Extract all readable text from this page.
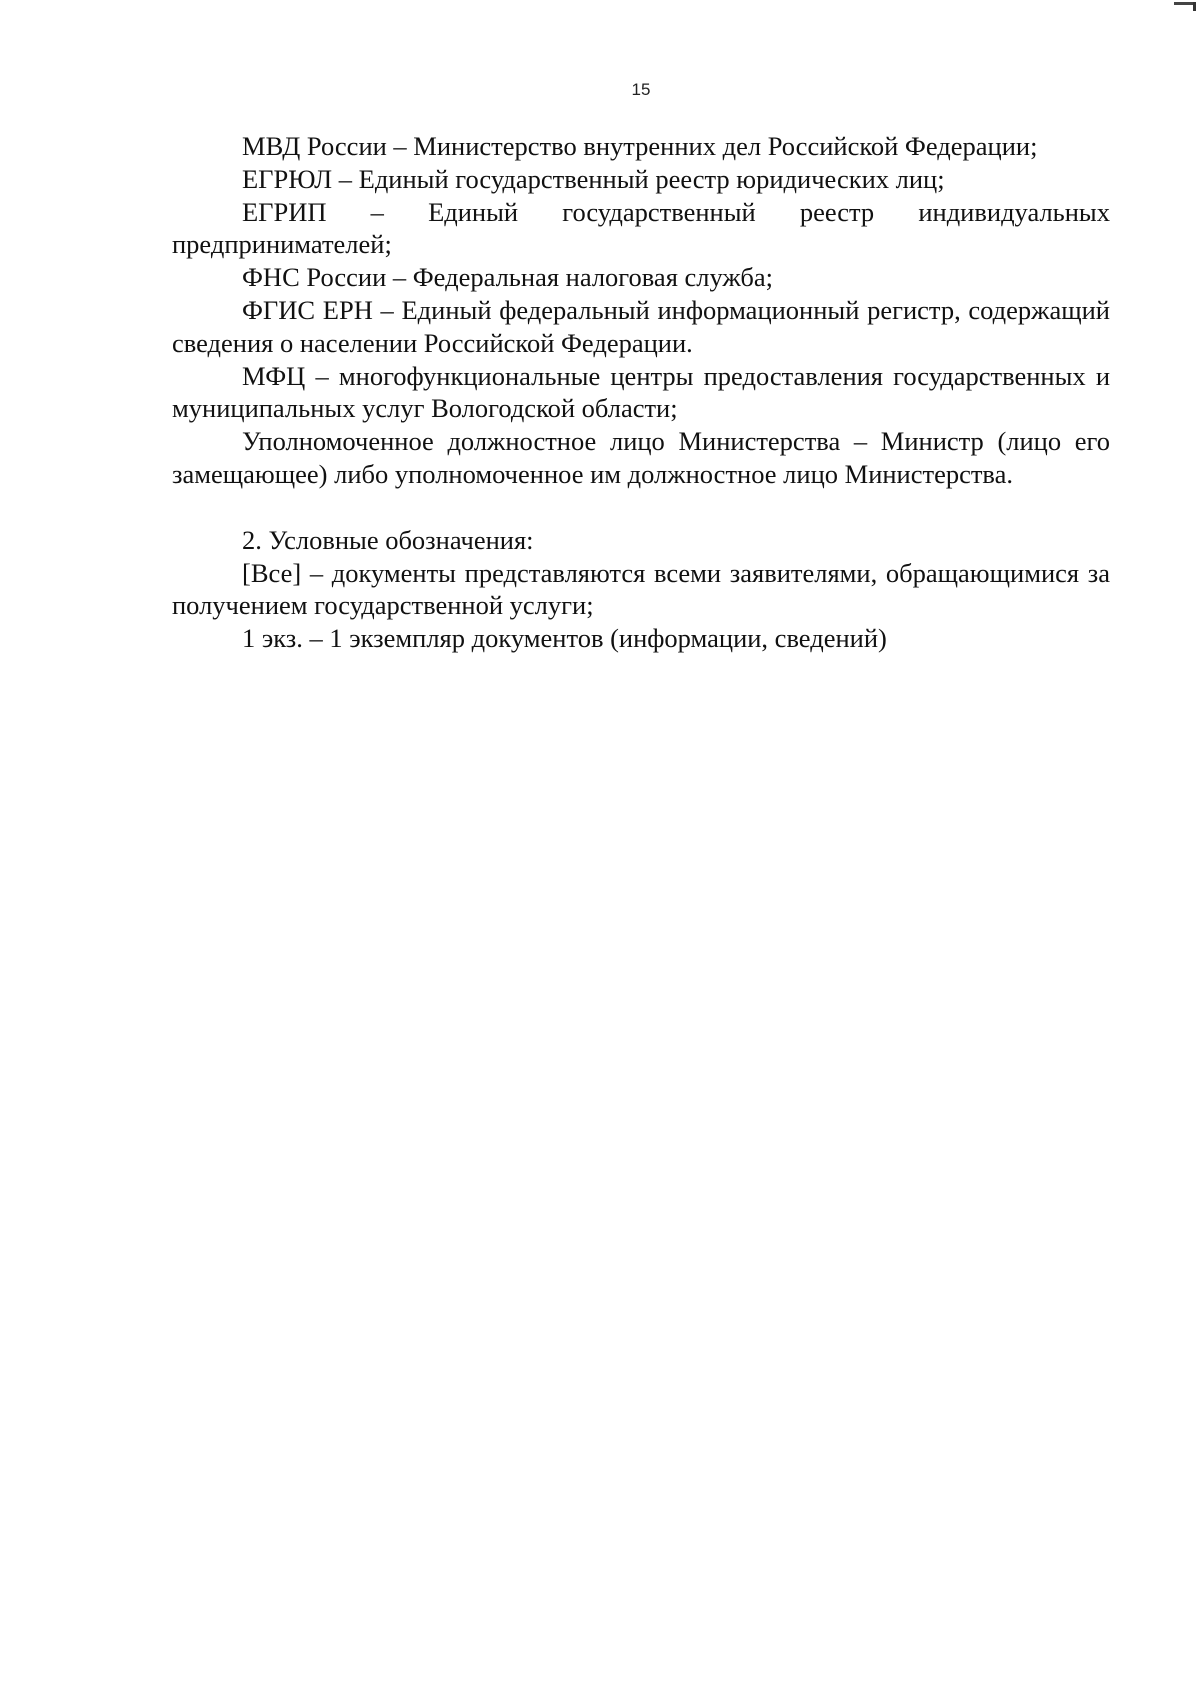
15

МВД России – Министерство внутренних дел Российской Федерации;

ЕГРЮЛ – Единый государственный реестр юридических лиц;

ЕГРИП – Единый государственный реестр индивидуальных предпринимателей;

ФНС России – Федеральная налоговая служба;

ФГИС ЕРН – Единый федеральный информационный регистр, содержащий сведения о населении Российской Федерации.

МФЦ – многофункциональные центры предоставления государственных и муниципальных услуг Вологодской области;

Уполномоченное должностное лицо Министерства – Министр (лицо его замещающее) либо уполномоченное им должностное лицо Министерства.

2. Условные обозначения:

[Все] – документы представляются всеми заявителями, обращающимися за получением государственной услуги;

1 экз. – 1 экземпляр документов (информации, сведений)
